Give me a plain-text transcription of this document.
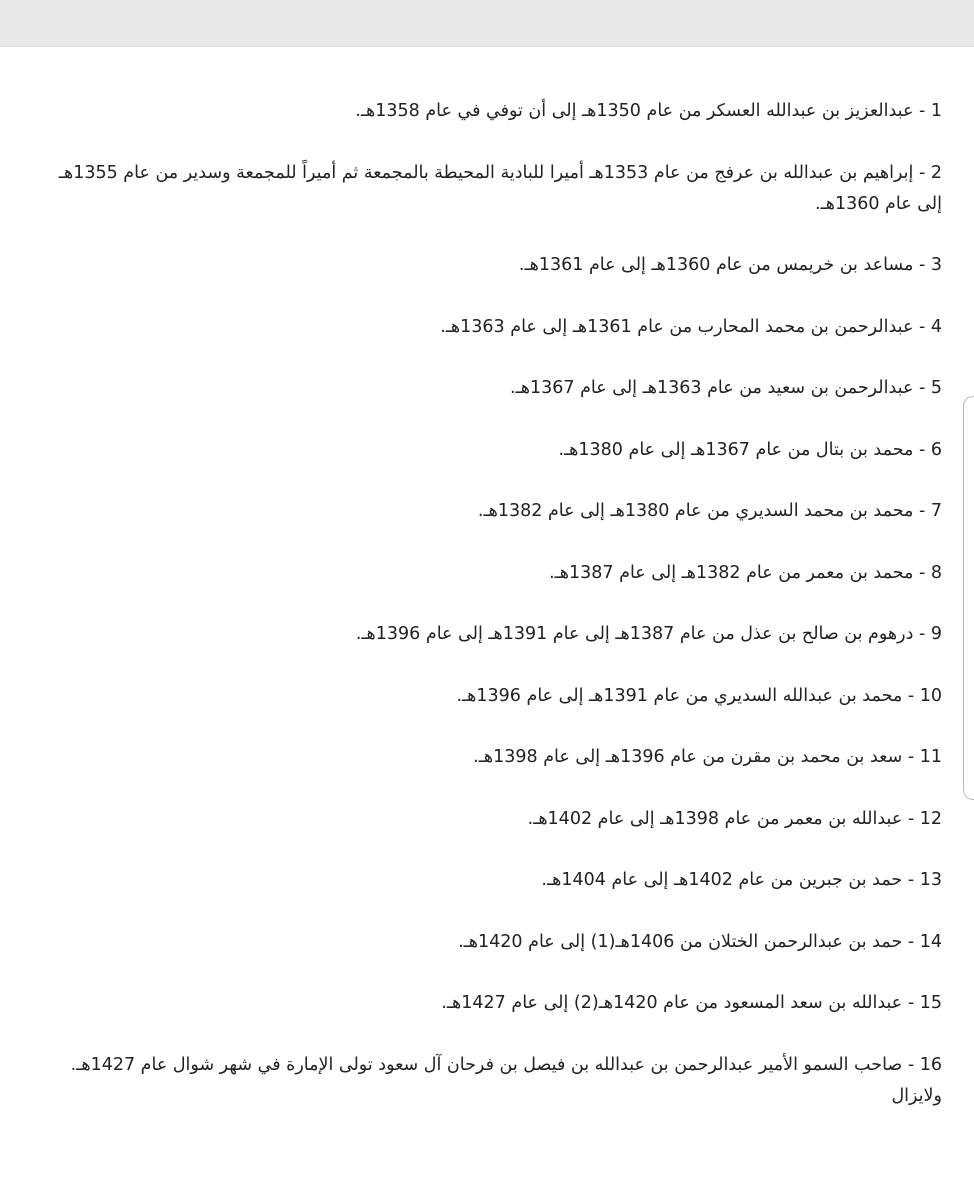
1 - عبدالعزيز بن عبدالله العسكر من عام 1350هـ إلى أن توفي في عام 1358هـ.

2 - إبراهيم بن عبدالله بن عرفج من عام 1353هـ أميرا للبادية المحيطة بالمجمعة ثم أميراً للمجمعة وسدير من عام 1355هـ إلى عام 1360هـ.

3 - مساعد بن خريمس من عام 1360هـ إلى عام 1361هـ.

4 - عبدالرحمن بن محمد المحارب من عام 1361هـ إلى عام 1363هـ.

5 - عبدالرحمن بن سعيد من عام 1363هـ إلى عام 1367هـ.

6 - محمد بن بتال من عام 1367هـ إلى عام 1380هـ.

7 - محمد بن محمد السديري من عام 1380هـ إلى عام 1382هـ.

8 - محمد بن معمر من عام 1382هـ إلى عام 1387هـ.

9 - درهوم بن صالح بن عذل من عام 1387هـ إلى عام 1391هـ إلى عام 1396هـ.

10 - محمد بن عبدالله السديري من عام 1391هـ إلى عام 1396هـ.

11 - سعد بن محمد بن مقرن من عام 1396هـ إلى عام 1398هـ.

12 - عبدالله بن معمر من عام 1398هـ إلى عام 1402هـ.

13 - حمد بن جبرين من عام 1402هـ إلى عام 1404هـ.

14 - حمد بن عبدالرحمن الختلان من 1406هـ(1) إلى عام 1420هـ.

15 - عبدالله بن سعد المسعود من عام 1420هـ(2) إلى عام 1427هـ.

16 - صاحب السمو الأمير عبدالرحمن بن عبدالله بن فيصل بن فرحان آل سعود تولى الإمارة في شهر شوال عام 1427هـ. ولايزال
